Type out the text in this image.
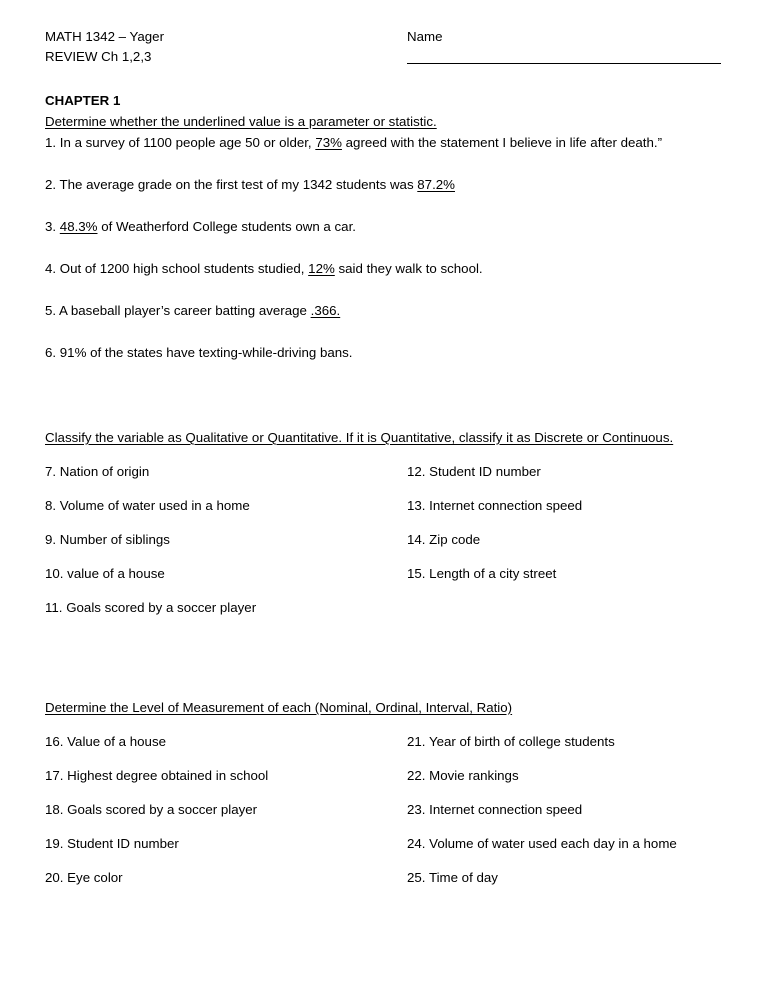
MATH 1342 – Yager
REVIEW Ch 1,2,3
Name
CHAPTER 1
Determine whether the underlined value is a parameter or statistic.
1. In a survey of 1100 people age 50 or older, 73% agreed with the statement I believe in life after death.”
2. The average grade on the first test of my 1342 students was 87.2%
3. 48.3% of Weatherford College students own a car.
4. Out of 1200 high school students studied, 12% said they walk to school.
5. A baseball player’s career batting average .366.
6. 91% of the states have texting-while-driving bans.
Classify the variable as Qualitative or Quantitative. If it is Quantitative, classify it as Discrete or Continuous.
7. Nation of origin
8. Volume of water used in a home
9. Number of siblings
10. value of a house
11. Goals scored by a soccer player
12. Student ID number
13. Internet connection speed
14. Zip code
15. Length of a city street
Determine the Level of Measurement of each (Nominal, Ordinal, Interval, Ratio)
16. Value of a house
17. Highest degree obtained in school
18. Goals scored by a soccer player
19. Student ID number
20. Eye color
21. Year of birth of college students
22. Movie rankings
23. Internet connection speed
24. Volume of water used each day in a home
25. Time of day
